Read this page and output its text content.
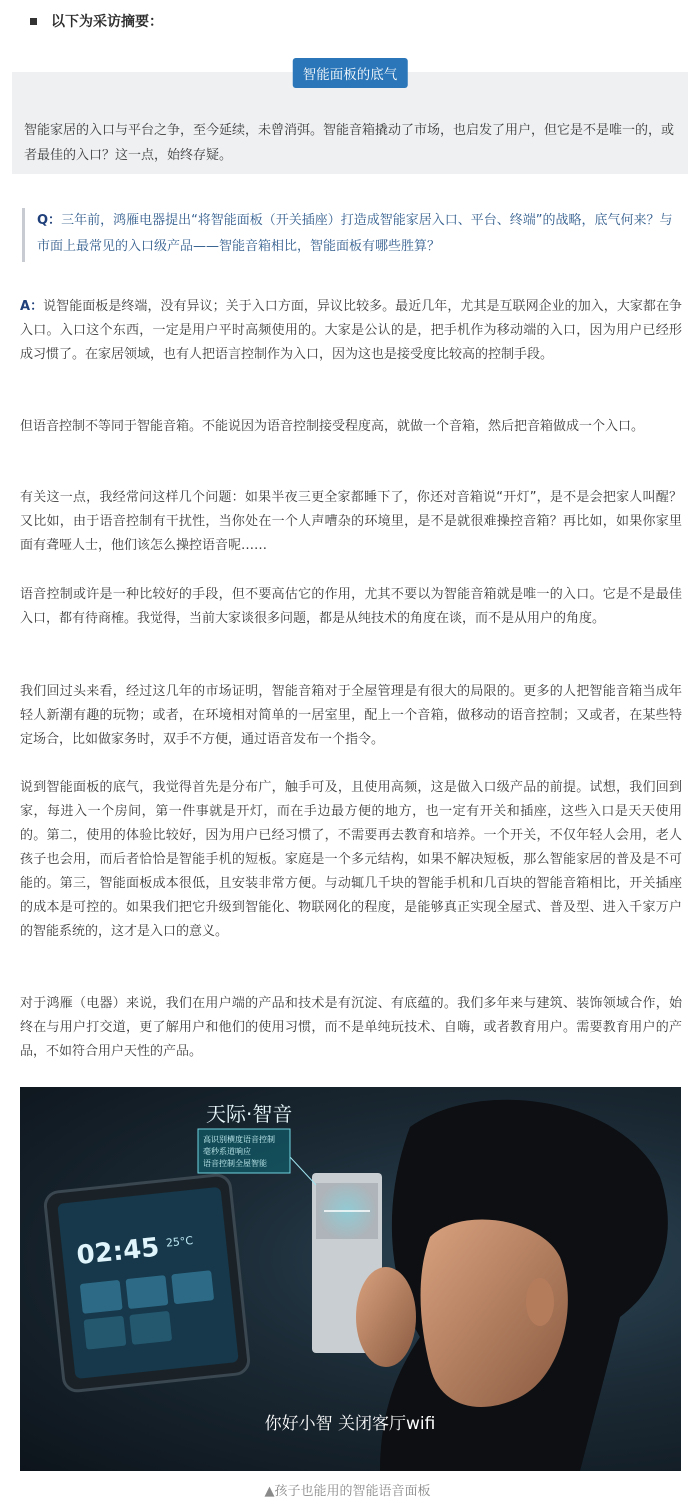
以下为采访摘要：
智能面板的底气
智能家居的入口与平台之争，至今延续，未曾消弭。智能音箱撬动了市场，也启发了用户，但它是不是唯一的，或者最佳的入口？这一点，始终存疑。
Q：三年前，鸿雁电器提出“将智能面板（开关插座）打造成智能家居入口、平台、终端”的战略，底气何来？与市面上最常见的入口级产品——智能音箱相比，智能面板有哪些胜算？
A：说智能面板是终端，没有异议；关于入口方面，异议比较多。最近几年，尤其是互联网企业的加入，大家都在争入口。入口这个东西，一定是用户平时高频使用的。大家是公认的是，把手机作为移动端的入口，因为用户已经形成习惯了。在家居领域，也有人把语言控制作为入口，因为这也是接受度比较高的控制手段。
但语音控制不等同于智能音箱。不能说因为语音控制接受程度高，就做一个音箱，然后把音箱做成一个入口。
有关这一点，我经常问这样几个问题：如果半夜三更全家都睡下了，你还对音箱说“开灯”，是不是会把家人叫醒？又比如，由于语音控制有干扰性，当你处在一个人声嘈杂的环境里，是不是就很难操控音箱？再比如，如果你家里面有聋哑人士，他们该怎么操控语音呢……
语音控制或许是一种比较好的手段，但不要高估它的作用，尤其不要以为智能音箱就是唯一的入口。它是不是最佳入口，都有待商榷。我觉得，当前大家谈很多问题，都是从纯技术的角度在谈，而不是从用户的角度。
我们回过头来看，经过这几年的市场证明，智能音箱对于全屋管理是有很大的局限的。更多的人把智能音箱当成年轻人新潮有趣的玩物；或者，在环境相对简单的一居室里，配上一个音箱，做移动的语音控制；又或者，在某些特定场合，比如做家务时，双手不方便，通过语音发布一个指令。
说到智能面板的底气，我觉得首先是分布广，触手可及，且使用高频，这是做入口级产品的前提。试想，我们回到家，每进入一个房间，第一件事就是开灯，而在手边最方便的地方，也一定有开关和插座，这些入口是天天使用的。第二，使用的体验比较好，因为用户已经习惯了，不需要再去教育和培养。一个开关，不仅年轻人会用，老人孩子也会用，而后者恰恰是智能手机的短板。家庭是一个多元结构，如果不解决短板，那么智能家居的普及是不可能的。第三，智能面板成本很低，且安装非常方便。与动辄几千块的智能手机和几百块的智能音箱相比，开关插座的成本是可控的。如果我们把它升级到智能化、物联网化的程度，是能够真正实现全屋式、普及型、进入千家万户的智能系统的，这才是入口的意义。
对于鸿雁（电器）来说，我们在用户端的产品和技术是有沉淀、有底蕴的。我们多年来与建筑、装饰领域合作，始终在与用户打交道，更了解用户和他们的使用习惯，而不是单纯玩技术、自嗨，或者教育用户。需要教育用户的产品，不如符合用户天性的产品。
02:45 25°C
天际·智音
高识别横度语音控制
毫秒系道响应
语音控制全屋智能
你好小智 关闭客厅wifi
▲孩子也能用的智能语音面板
